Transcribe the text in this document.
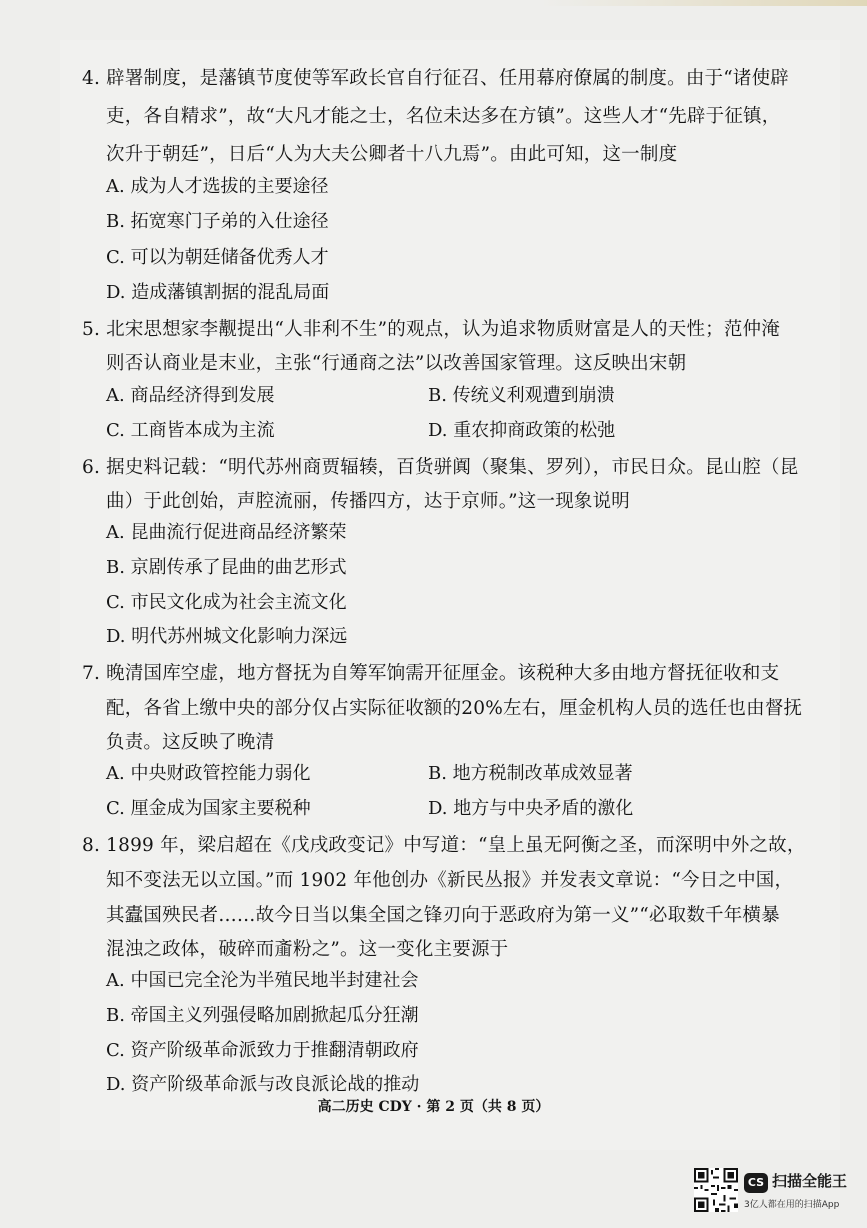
4. 辟署制度，是藩镇节度使等军政长官自行征召、任用幕府僚属的制度。由于“诸使辟
吏，各自精求”，故“大凡才能之士，名位未达多在方镇”。这些人才“先辟于征镇，
次升于朝廷”，日后“人为大夫公卿者十八九焉”。由此可知，这一制度
A. 成为人才选拔的主要途径
B. 拓宽寒门子弟的入仕途径
C. 可以为朝廷储备优秀人才
D. 造成藩镇割据的混乱局面
5. 北宋思想家李觏提出“人非利不生”的观点，认为追求物质财富是人的天性；范仲淹
则否认商业是末业，主张“行通商之法”以改善国家管理。这反映出宋朝
A. 商品经济得到发展	B. 传统义利观遭到崩溃
C. 工商皆本成为主流	D. 重农抑商政策的松弛
6. 据史料记载：“明代苏州商贾辐辏，百货骈阗（聚集、罗列），市民日众。昆山腔（昆
曲）于此创始，声腔流丽，传播四方，达于京师。”这一现象说明
A. 昆曲流行促进商品经济繁荣
B. 京剧传承了昆曲的曲艺形式
C. 市民文化成为社会主流文化
D. 明代苏州城文化影响力深远
7. 晚清国库空虚，地方督抚为自筹军饷需开征厘金。该税种大多由地方督抚征收和支
配，各省上缴中央的部分仅占实际征收额的20%左右，厘金机构人员的选任也由督抚
负责。这反映了晚清
A. 中央财政管控能力弱化	B. 地方税制改革成效显著
C. 厘金成为国家主要税种	D. 地方与中央矛盾的激化
8. 1899 年，梁启超在《戊戌政变记》中写道：“皇上虽无阿衡之圣，而深明中外之故，
知不变法无以立国。”而 1902 年他创办《新民丛报》并发表文章说：“今日之中国，
其蠹国殃民者……故今日当以集全国之锋刃向于恶政府为第一义”“必取数千年横暴
混浊之政体，破碎而齑粉之”。这一变化主要源于
A. 中国已完全沦为半殖民地半封建社会
B. 帝国主义列强侵略加剧掀起瓜分狂潮
C. 资产阶级革命派致力于推翻清朝政府
D. 资产阶级革命派与改良派论战的推动
高二历史 CDY · 第 2 页（共 8 页）
CS 扫描全能王
3亿人都在用的扫描App
